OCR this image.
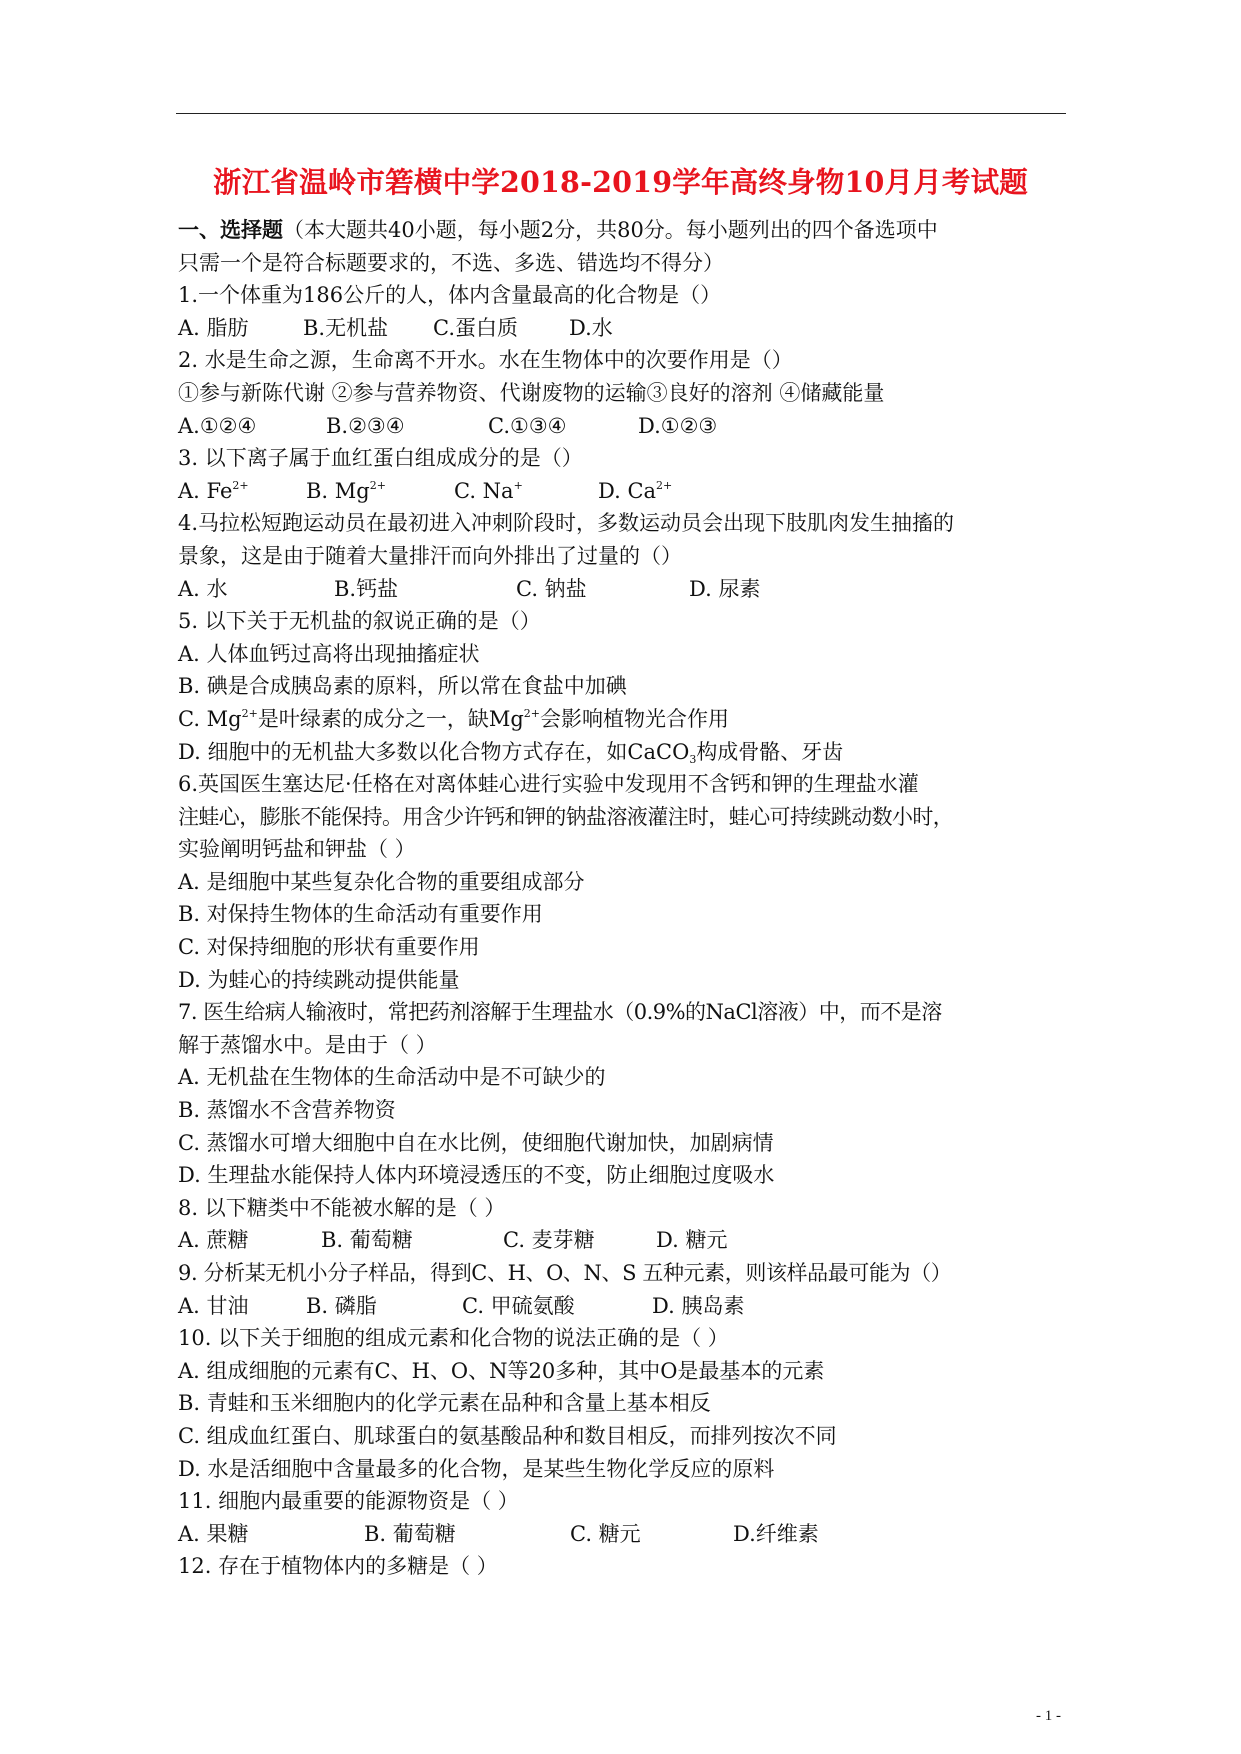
浙江省温岭市箬横中学2018-2019学年高终身物10月月考试题
一、选择题（本大题共40小题，每小题2分，共80分。每小题列出的四个备选项中
只需一个是符合标题要求的，不选、多选、错选均不得分）
1.一个体重为186公斤的人，体内含量最高的化合物是（）
A. 脂肪	B.无机盐	C.蛋白质	D.水
2. 水是生命之源，生命离不开水。水在生物体中的次要作用是（）
①参与新陈代谢 ②参与营养物资、代谢废物的运输③良好的溶剂 ④储藏能量
A.①②④	B.②③④	C.①③④	D.①②③
3. 以下离子属于血红蛋白组成成分的是（）
A. $Fe^{2+}$	B. $Mg^{2+}$	C. Na+	D. $Ca^{2+}$
4.马拉松短跑运动员在最初进入冲刺阶段时，多数运动员会出现下肢肌肉发生抽搐的
景象，这是由于随着大量排汗而向外排出了过量的（）
A. 水	B.钙盐	C. 钠盐	D. 尿素
5. 以下关于无机盐的叙说正确的是（）
A. 人体血钙过高将出现抽搐症状
B. 碘是合成胰岛素的原料，所以常在食盐中加碘
C. $Mg^{2+}$是叶绿素的成分之一，缺$Mg^{2+}$会影响植物光合作用
D. 细胞中的无机盐大多数以化合物方式存在，如CaCO$_3$构成骨骼、牙齿
6.英国医生塞达尼·任格在对离体蛙心进行实验中发现用不含钙和钾的生理盐水灌
注蛙心，膨胀不能保持。用含少许钙和钾的钠盐溶液灌注时，蛙心可持续跳动数小时，
实验阐明钙盐和钾盐（ ）
A. 是细胞中某些复杂化合物的重要组成部分
B. 对保持生物体的生命活动有重要作用
C. 对保持细胞的形状有重要作用
D. 为蛙心的持续跳动提供能量
7. 医生给病人输液时，常把药剂溶解于生理盐水（0.9%的NaCl溶液）中，而不是溶
解于蒸馏水中。是由于（ ）
A. 无机盐在生物体的生命活动中是不可缺少的
B. 蒸馏水不含营养物资
C. 蒸馏水可增大细胞中自在水比例，使细胞代谢加快，加剧病情
D. 生理盐水能保持人体内环境浸透压的不变，防止细胞过度吸水
8. 以下糖类中不能被水解的是（ ）
A. 蔗糖	B. 葡萄糖	C. 麦芽糖	D. 糖元
9. 分析某无机小分子样品，得到C、H、O、N、S 五种元素，则该样品最可能为（）
A. 甘油	B. 磷脂	C. 甲硫氨酸	D. 胰岛素
10. 以下关于细胞的组成元素和化合物的说法正确的是（ ）
A. 组成细胞的元素有C、H、O、N等20多种，其中O是最基本的元素
B. 青蛙和玉米细胞内的化学元素在品种和含量上基本相反
C. 组成血红蛋白、肌球蛋白的氨基酸品种和数目相反，而排列按次不同
D. 水是活细胞中含量最多的化合物，是某些生物化学反应的原料
11. 细胞内最重要的能源物资是（ ）
A. 果糖	B. 葡萄糖	C. 糖元	D.纤维素
12. 存在于植物体内的多糖是（ ）
- 1 -
